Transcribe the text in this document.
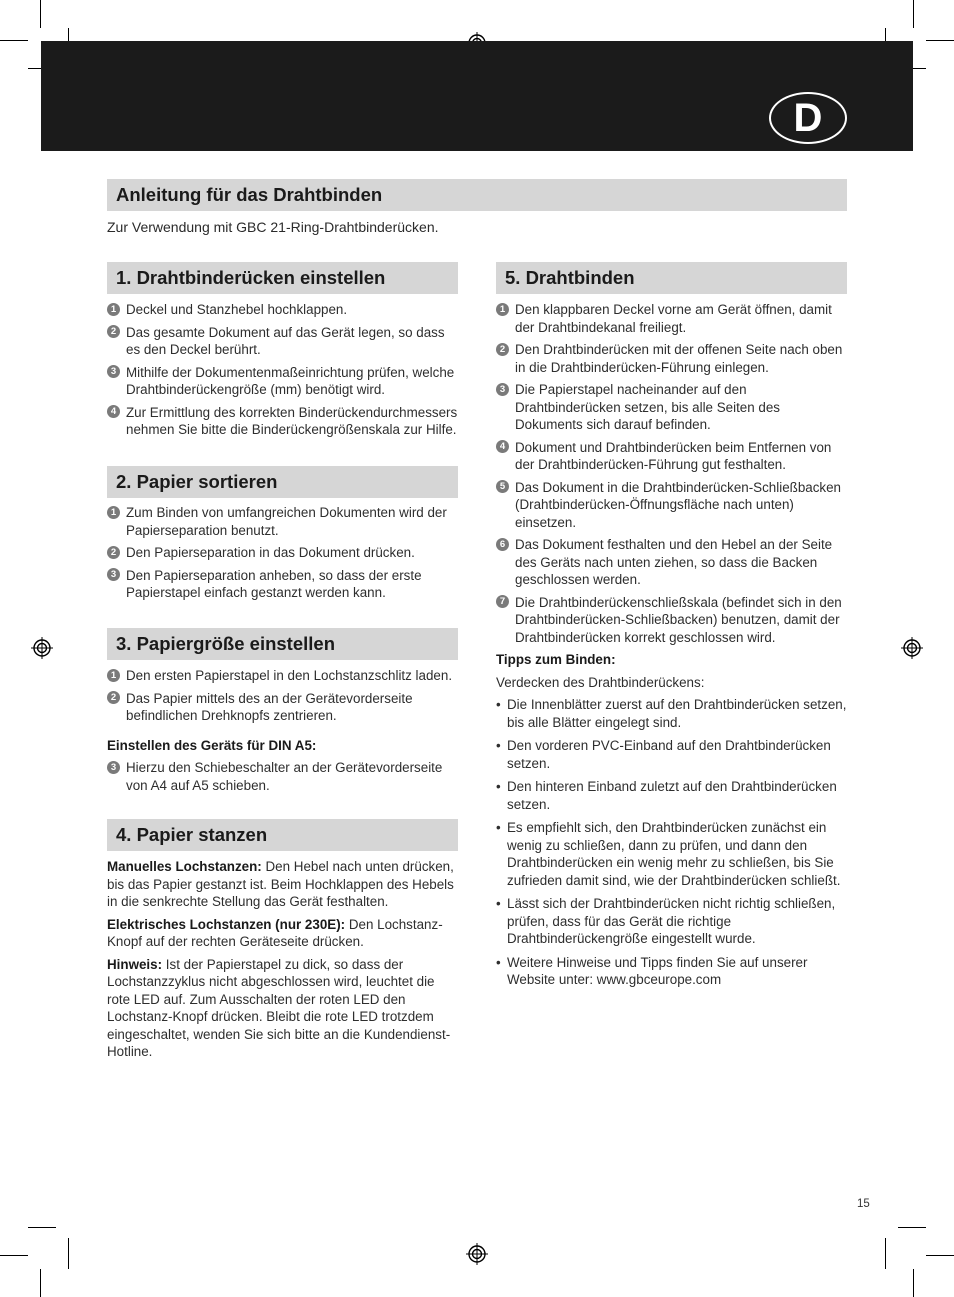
D
Anleitung für das Drahtbinden
Zur Verwendung mit GBC 21-Ring-Drahtbinderücken.
1. Drahtbinderücken einstellen
1 Deckel und Stanzhebel hochklappen.
2 Das gesamte Dokument auf das Gerät legen, so dass es den Deckel berührt.
3 Mithilfe der Dokumentenmaßeinrichtung prüfen, welche Drahtbinderückengröße (mm) benötigt wird.
4 Zur Ermittlung des korrekten Binderückendurchmessers nehmen Sie bitte die Binderückengrößenskala zur Hilfe.
2. Papier sortieren
1 Zum Binden von umfangreichen Dokumenten wird der Papierseparation benutzt.
2 Den Papierseparation in das Dokument drücken.
3 Den Papierseparation anheben, so dass der erste Papierstapel einfach gestanzt werden kann.
3. Papiergröße einstellen
1 Den ersten Papierstapel in den Lochstanzschlitz laden.
2 Das Papier mittels des an der Gerätevorderseite befindlichen Drehknopfs zentrieren.

Einstellen des Geräts für DIN A5:

3 Hierzu den Schiebeschalter an der Gerätevorderseite von A4 auf A5 schieben.
4. Papier stanzen

Manuelles Lochstanzen: Den Hebel nach unten drücken, bis das Papier gestanzt ist. Beim Hochklappen des Hebels in die senkrechte Stellung das Gerät festhalten.

Elektrisches Lochstanzen (nur 230E): Den Lochstanz-Knopf auf der rechten Geräteseite drücken.

Hinweis: Ist der Papierstapel zu dick, so dass der Lochstanzzyklus nicht abgeschlossen wird, leuchtet die rote LED auf. Zum Ausschalten der roten LED den Lochstanz-Knopf drücken. Bleibt die rote LED trotzdem eingeschaltet, wenden Sie sich bitte an die Kundendienst-Hotline.

5. Drahtbinden
1 Den klappbaren Deckel vorne am Gerät öffnen, damit der Drahtbindekanal freiliegt.
2 Den Drahtbinderücken mit der offenen Seite nach oben in die Drahtbinderücken-Führung einlegen.
3 Die Papierstapel nacheinander auf den Drahtbinderücken setzen, bis alle Seiten des Dokuments sich darauf befinden.
4 Dokument und Drahtbinderücken beim Entfernen von der Drahtbinderücken-Führung gut festhalten.
5 Das Dokument in die Drahtbinderücken-Schließbacken (Drahtbinderücken-Öffnungsfläche nach unten) einsetzen.
6 Das Dokument festhalten und den Hebel an der Seite des Geräts nach unten ziehen, so dass die Backen geschlossen werden.
7 Die Drahtbinderückenschließskala (befindet sich in den Drahtbinderücken-Schließbacken) benutzen, damit der Drahtbinderücken korrekt geschlossen wird.

Tipps zum Binden:

Verdecken des Drahtbinderückens:

• Die Innenblätter zuerst auf den Drahtbinderücken setzen, bis alle Blätter eingelegt sind.
• Den vorderen PVC-Einband auf den Drahtbinderücken setzen.
• Den hinteren Einband zuletzt auf den Drahtbinderücken setzen.
• Es empfiehlt sich, den Drahtbinderücken zunächst ein wenig zu schließen, dann zu prüfen, und dann den Drahtbinderücken ein wenig mehr zu schließen, bis Sie zufrieden damit sind, wie der Drahtbinderücken schließt.
• Lässt sich der Drahtbinderücken nicht richtig schließen, prüfen, dass für das Gerät die richtige Drahtbinderückengröße eingestellt wurde.
• Weitere Hinweise und Tipps finden Sie auf unserer Website unter: www.gbceurope.com
15
